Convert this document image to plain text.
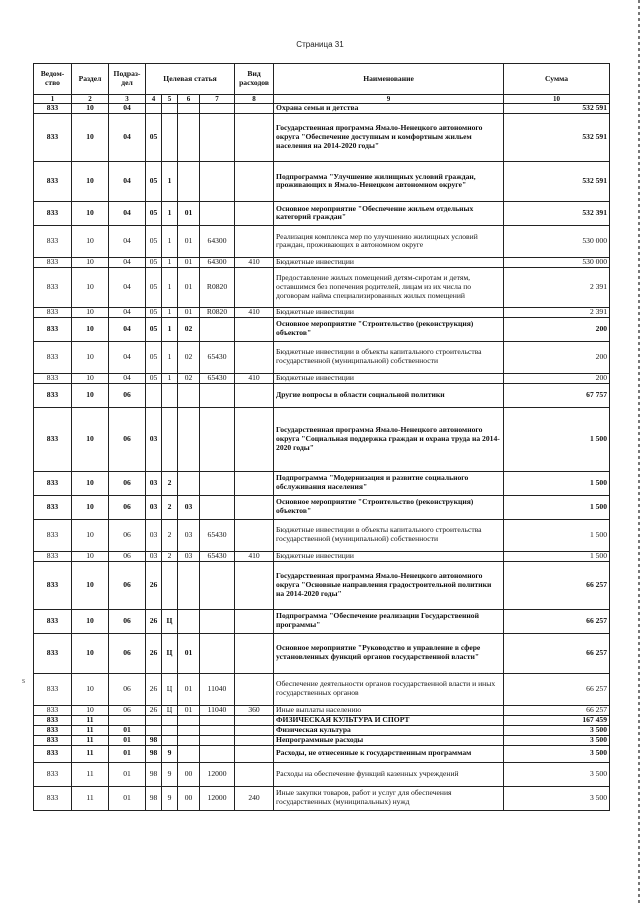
Страница 31
ѕ
Ведом-ство	Раздел	Подраз-дел	Целевая статья				Вид расходов	Наименование	Сумма
1	2	3	4	5	6	7	8	9	10
833	10	04						Охрана семьи и детства	532 591
833	10	04	05					Государственная программа Ямало-Ненецкого автономного округа "Обеспечение доступным и комфортным жильем населения на 2014-2020 годы"	532 591
833	10	04	05	1				Подпрограмма "Улучшение жилищных условий граждан, проживающих в Ямало-Ненецком автономном округе"	532 591
833	10	04	05	1	01			Основное мероприятие "Обеспечение жильем отдельных категорий граждан"	532 391
833	10	04	05	1	01	64300		Реализация комплекса мер по улучшению жилищных условий граждан, проживающих в автономном округе	530 000
833	10	04	05	1	01	64300	410	Бюджетные инвестиции	530 000
833	10	04	05	1	01	R0820		Предоставление жилых помещений детям-сиротам и детям, оставшимся без попечения родителей, лицам из их числа по договорам найма специализированных жилых помещений	2 391
833	10	04	05	1	01	R0820	410	Бюджетные инвестиции	2 391
833	10	04	05	1	02			Основное мероприятие "Строительство (реконструкция) объектов"	200
833	10	04	05	1	02	65430		Бюджетные инвестиции в объекты капитального строительства государственной (муниципальной) собственности	200
833	10	04	05	1	02	65430	410	Бюджетные инвестиции	200
833	10	06						Другие вопросы в области социальной политики	67 757
833	10	06	03					Государственная программа Ямало-Ненецкого автономного округа "Социальная поддержка граждан и охрана труда на 2014-2020 годы"	1 500
833	10	06	03	2				Подпрограмма "Модернизация и развитие социального обслуживания населения"	1 500
833	10	06	03	2	03			Основное мероприятие "Строительство (реконструкция) объектов"	1 500
833	10	06	03	2	03	65430		Бюджетные инвестиции в объекты капитального строительства государственной (муниципальной) собственности	1 500
833	10	06	03	2	03	65430	410	Бюджетные инвестиции	1 500
833	10	06	26					Государственная программа Ямало-Ненецкого автономного округа "Основные направления градостроительной политики на 2014-2020 годы"	66 257
833	10	06	26	Ц				Подпрограмма "Обеспечение реализации Государственной программы"	66 257
833	10	06	26	Ц	01			Основное мероприятие "Руководство и управление в сфере установленных функций органов государственной власти"	66 257
833	10	06	26	Ц	01	11040		Обеспечение деятельности органов государственной власти и иных государственных органов	66 257
833	10	06	26	Ц	01	11040	360	Иные выплаты населению	66 257
833	11							ФИЗИЧЕСКАЯ КУЛЬТУРА И СПОРТ	167 459
833	11	01						Физическая культура	3 500
833	11	01	98					Непрограммные расходы	3 500
833	11	01	98	9				Расходы, не отнесенные к государственным программам	3 500
833	11	01	98	9	00	12000		Расходы на обеспечение функций казенных учреждений	3 500
833	11	01	98	9	00	12000	240	Иные закупки товаров, работ и услуг для обеспечения государственных (муниципальных) нужд	3 500
